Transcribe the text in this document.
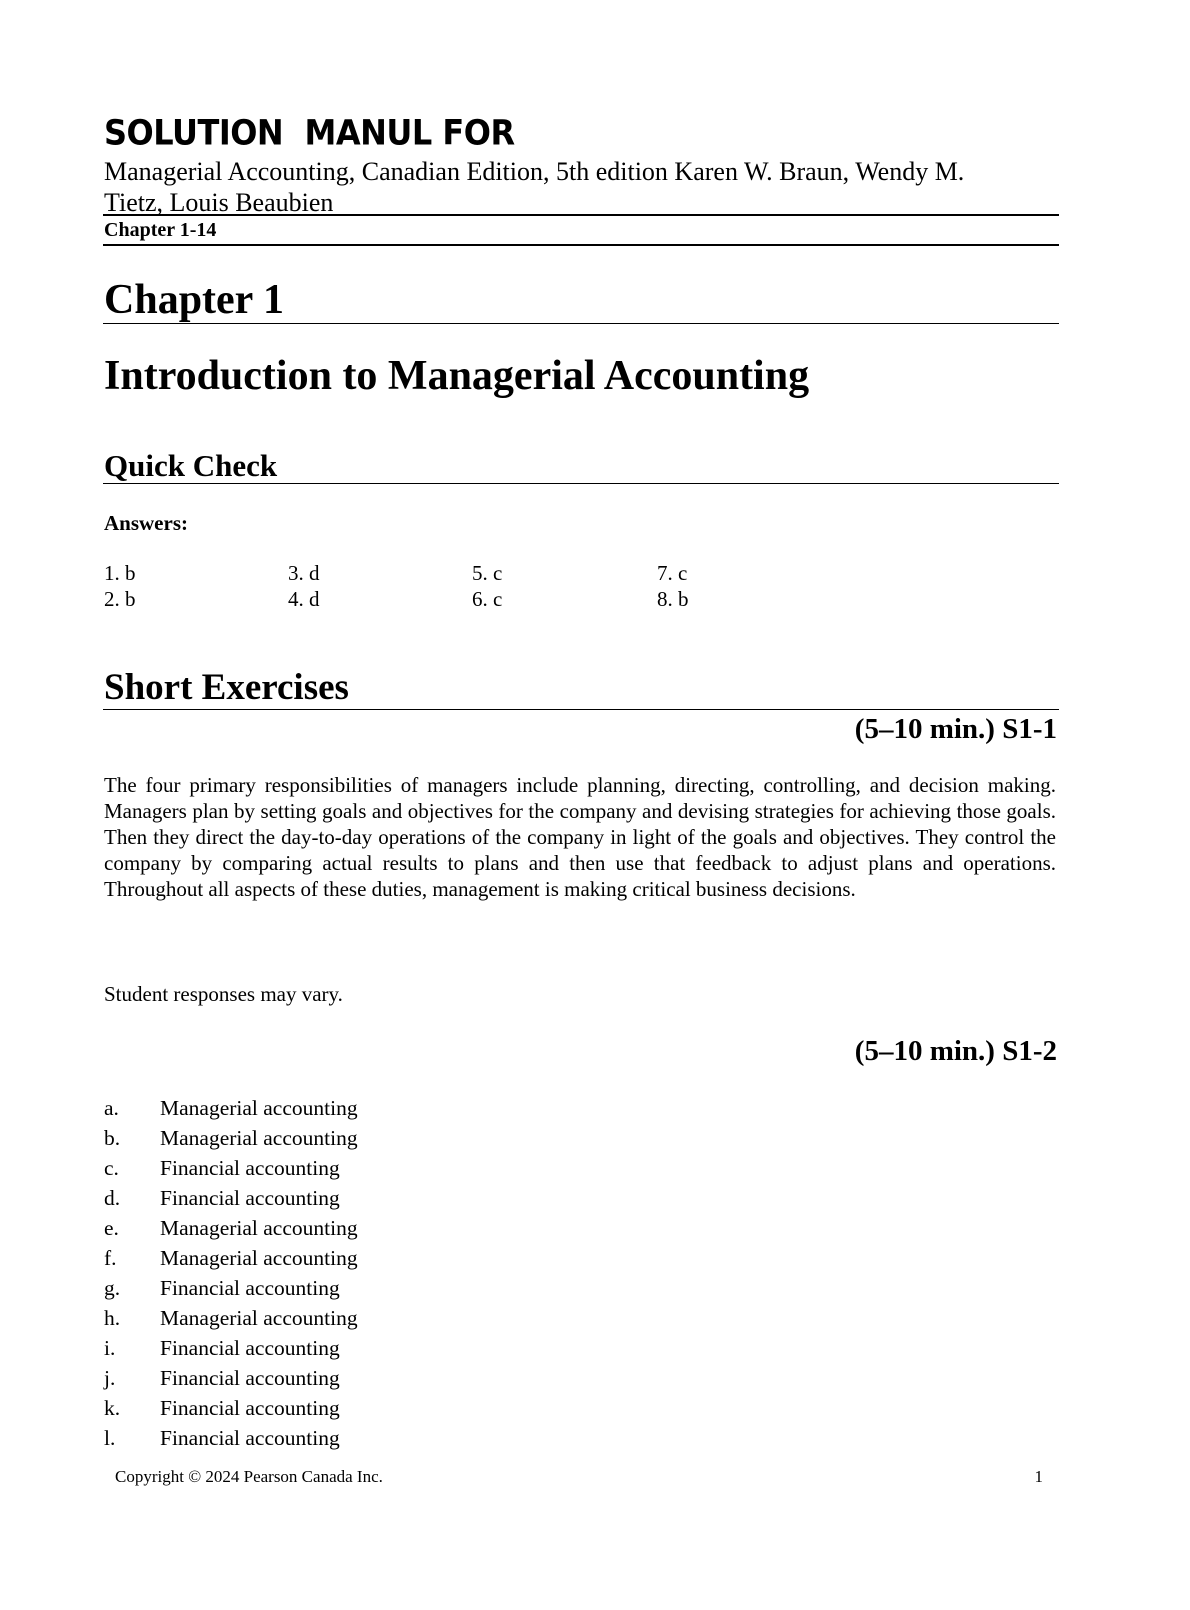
SOLUTION  MANUL FOR
Managerial Accounting, Canadian Edition, 5th edition Karen W. Braun, Wendy M. Tietz, Louis Beaubien
Chapter 1-14
Chapter 1
Introduction to Managerial Accounting
Quick Check
Answers:
1. b
2. b
3. d
4. d
5. c
6. c
7. c
8. b
Short Exercises
(5–10 min.) S1-1

The four primary responsibilities of managers include planning, directing, controlling, and decision making. Managers plan by setting goals and objectives for the company and devising strategies for achieving those goals. Then they direct the day-to-day operations of the company in light of the goals and objectives. They control the company by comparing actual results to plans and then use that feedback to adjust plans and operations. Throughout all aspects of these duties, management is making critical business decisions.

Student responses may vary.
(5–10 min.) S1-2
a. Managerial accounting
b. Managerial accounting
c. Financial accounting
d. Financial accounting
e. Managerial accounting
f. Managerial accounting
g. Financial accounting
h. Managerial accounting
i. Financial accounting
j. Financial accounting
k. Financial accounting
l. Financial accounting
Copyright © 2024 Pearson Canada Inc.	1
